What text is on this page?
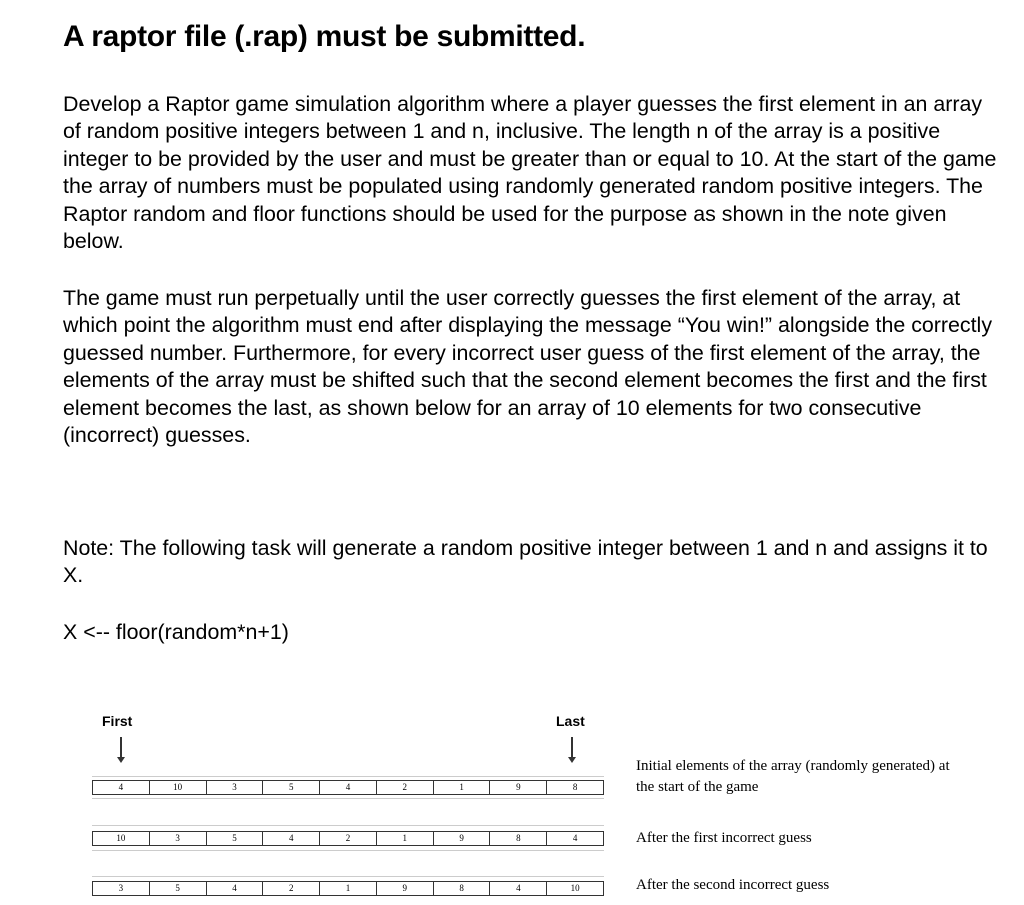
A raptor file (.rap) must be submitted.

Develop a Raptor game simulation algorithm where a player guesses the first element in an array of random positive integers between 1 and n, inclusive. The length n of the array is a positive integer to be provided by the user and must be greater than or equal to 10. At the start of the game the array of numbers must be populated using randomly generated random positive integers. The Raptor random and floor functions should be used for the purpose as shown in the note given below.

The game must run perpetually until the user correctly guesses the first element of the array, at which point the algorithm must end after displaying the message “You win!” alongside the correctly guessed number. Furthermore, for every incorrect user guess of the first element of the array, the elements of the array must be shifted such that the second element becomes the first and the first element becomes the last, as shown below for an array of 10 elements for two consecutive (incorrect) guesses.

Note: The following task will generate a random positive integer between 1 and n and assigns it to X.

X <-- floor(random*n+1)

First	Last
4	10	3	5	4	2	1	9	8
10	3	5	4	2	1	9	8	4
3	5	4	2	1	9	8	4	10
Initial elements of the array (randomly generated) at the start of the game
After the first incorrect guess
After the second incorrect guess
